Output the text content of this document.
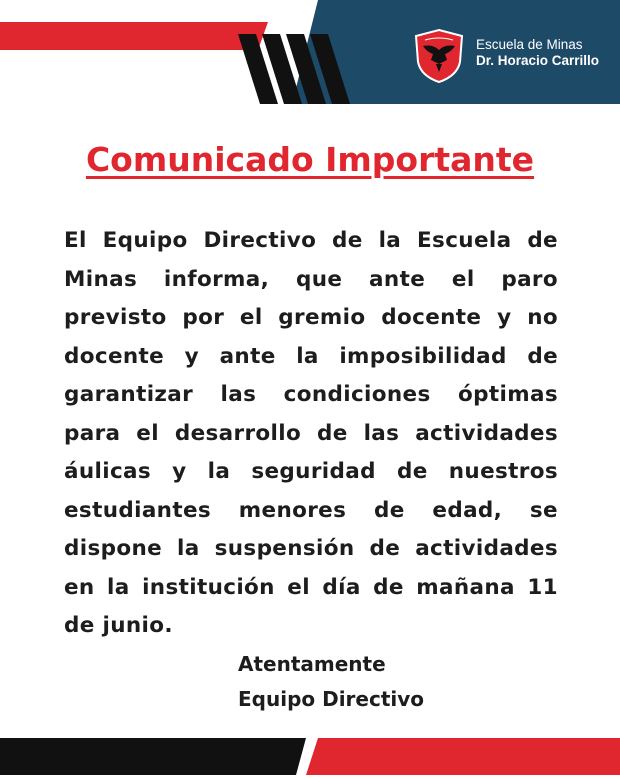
Escuela de Minas
Dr. Horacio Carrillo
Comunicado Importante

El Equipo Directivo de la Escuela de Minas informa, que ante el paro previsto por el gremio docente y no docente y ante la imposibilidad de garantizar las condiciones óptimas para el desarrollo de las actividades áulicas y la seguridad de nuestros estudiantes menores de edad, se dispone la suspensión de actividades en la institución el día de mañana 11 de junio.

Atentamente
Equipo Directivo
